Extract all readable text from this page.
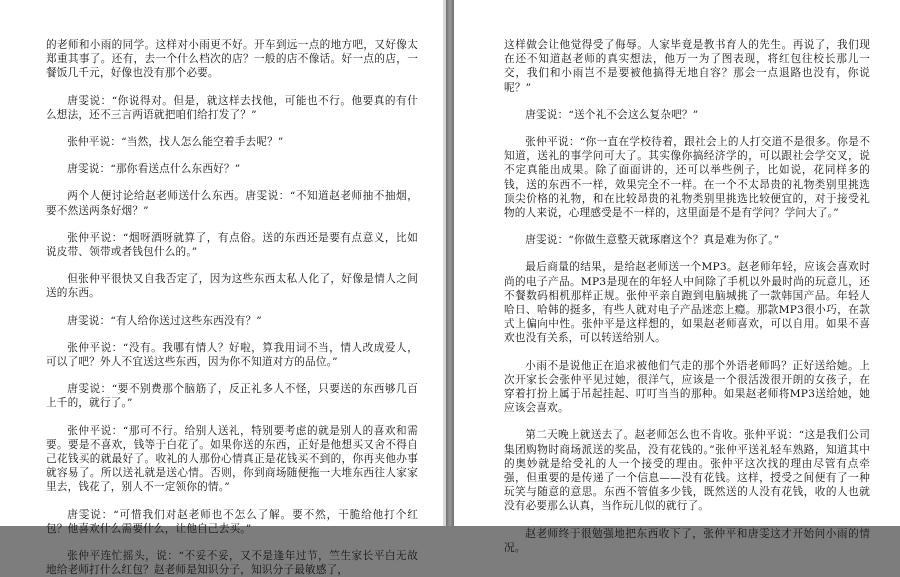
的老师和小雨的同学。这样对小雨更不好。开车到远一点的地方吧，又好像太郑重其事了。还有，去一个什么档次的店？一般的店不像话。好一点的店，一餐饭几千元，好像也没有那个必要。

唐雯说：“你说得对。但是，就这样去找他，可能也不行。他要真的有什么想法，还不三言两语就把咱们给打发了？”

张仲平说：“当然，找人怎么能空着手去呢？”

唐雯说：“那你看送点什么东西好？”

两个人便讨论给赵老师送什么东西。唐雯说：“不知道赵老师抽不抽烟，要不然送两条好烟？”

张仲平说：“烟呀酒呀就算了，有点俗。送的东西还是要有点意义，比如说皮带、领带或者钱包什么的。”

但张仲平很快又自我否定了，因为这些东西太私人化了，好像是情人之间送的东西。

唐雯说：“有人给你送过这些东西没有？”

张仲平说：“没有。我哪有情人？好啦，算我用词不当，情人改成爱人，可以了吧？外人不宜送这些东西，因为你不知道对方的品位。”

唐雯说：“要不别费那个脑筋了，反正礼多人不怪，只要送的东西够几百上千的，就行了。”

张仲平说：“那可不行。给别人送礼，特别要考虑的就是别人的喜欢和需要。要是不喜欢，钱等于白花了。如果你送的东西，正好是他想买又舍不得自己花钱买的就最好了。收礼的人那份心情真正是花钱买不到的，你再夹他办事就容易了。所以送礼就是送心情。否则，你到商场随便拖一大堆东西往人家家里去，钱花了，别人不一定领你的情。”

唐雯说：“可惜我们对赵老师也不怎么了解。要不然，干脆给他打个红包？他喜欢什么需要什么，让他自己去买。”

张仲平连忙摇头，说：“不妥不妥，又不是逢年过节，竺生家长平白无故地给老师打什么红包？赵老师是知识分子，知识分子最敏感了，

这样做会让他觉得受了侮辱。人家毕竟是教书育人的先生。再说了，我们现在还不知道赵老师的真实想法，他万一为了图表现，将红包往校长那儿一交，我们和小雨岂不是要被他搞得无地自容？那会一点退路也没有，你说呢？”

唐雯说：“送个礼不会这么复杂吧？”

张仲平说：“你一直在学校待着，跟社会上的人打交道不是很多。你是不知道，送礼的事学问可大了。其实像你搞经济学的，可以跟社会学交叉，说不定真能出成果。除了面面讲的，还可以举些例子，比如说，花同样多的钱，送的东西不一样，效果完全不一样。在一个不太昂贵的礼物类别里挑选顶尖价格的礼物，和在比较昂贵的礼物类别里挑选比较便宜的，对于接受礼物的人来说，心理感受是不一样的，这里面是不是有学问？学问大了。”

唐雯说：“你做生意整天就琢磨这个？真是难为你了。”

最后商量的结果，是给赵老师送一个MP3。赵老师年轻，应该会喜欢时尚的电子产品。MP3是现在的年轻人中间除了手机以外最时尚的玩意儿，还不餐数码相机那样正规。张仲平亲自跑到电脑城挑了一款韩国产品。年轻人哈日、哈韩的挺多，有些人就对电子产品迷恋上瘾。那款MP3很小巧，在款式上偏向中性。张仲平是这样想的，如果赵老师喜欢，可以自用。如果不喜欢也没有关系，可以转送给别人。

小雨不是说他正在追求被他们气走的那个外语老师吗？正好送给她。上次开家长会张仲平见过她，很洋气，应该是一个很活泼很开朗的女孩子，在穿着打扮上属于吊起挂起、叮叮当当的那种。如果赵老师将MP3送给她，她应该会喜欢。

第二天晚上就送去了。赵老师怎么也不肯收。张仲平说：“这是我们公司集团购物时商场派送的奖品，没有花钱的。”张仲平送礼轻车熟路，知道其中的奥妙就是给受礼的人一个接受的理由。张仲平这次找的理由尽管有点牵强，但重要的是传递了一个信息——没有花钱。这样，授受之间便有了一种玩笑与随意的意思。东西不管值多少钱，既然送的人没有花钱，收的人也就没有必要那么认真，当作玩儿似的就行了。

赵老师终于很勉强地把东西收下了，张仲平和唐雯这才开始问小雨的情况。
